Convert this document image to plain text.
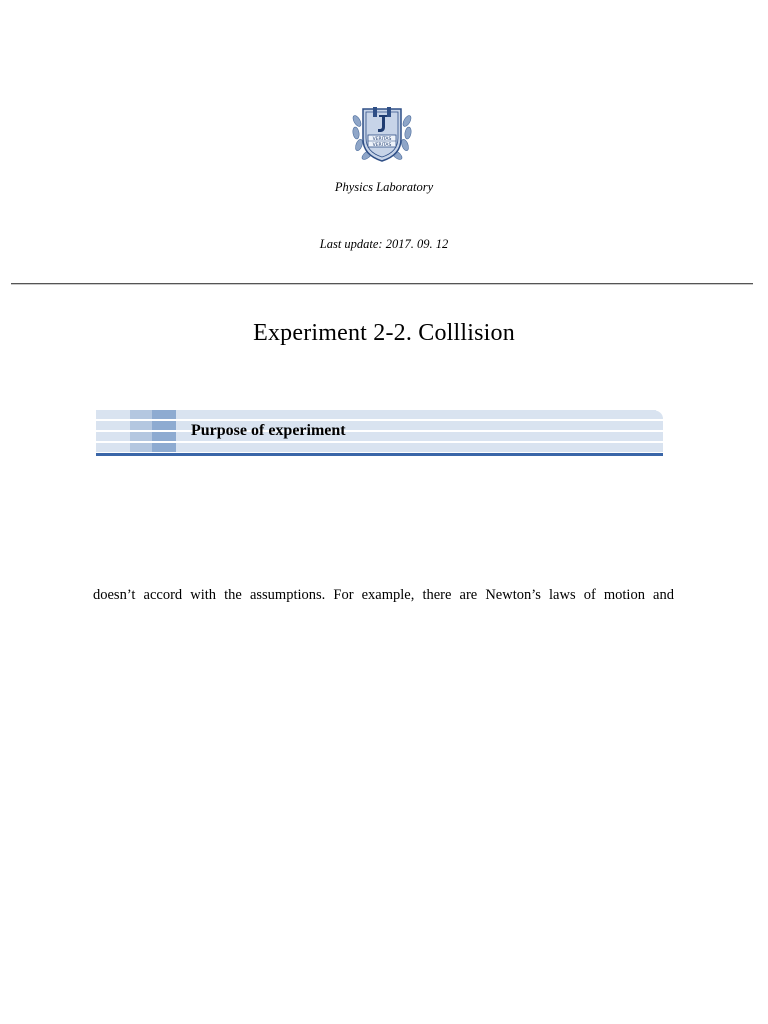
VERITAS
VERITAS
Physics Laboratory
Last update: 2017. 09. 12
Experiment 2-2. Colllision
Purpose of experiment
doesn’t accord with the assumptions. For example, there are Newton’s laws of motion and
